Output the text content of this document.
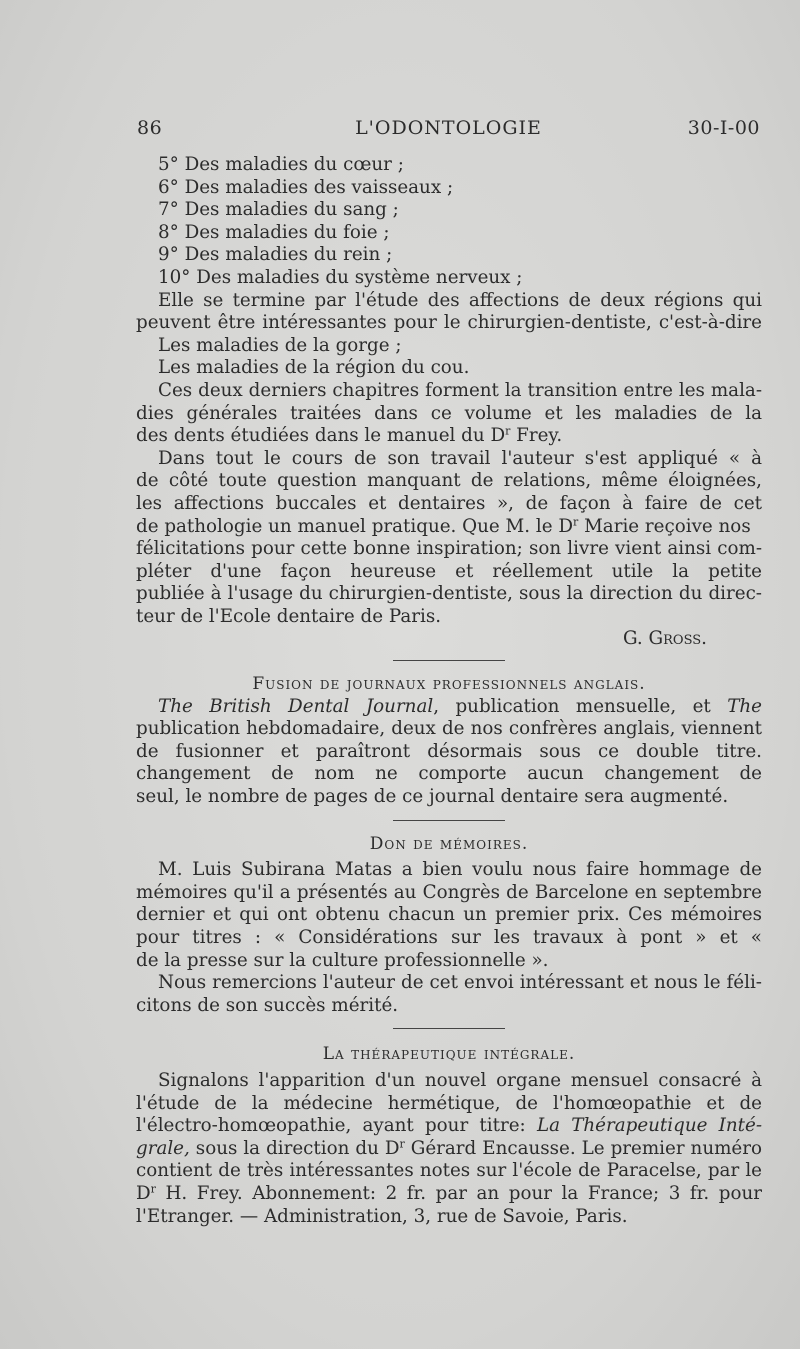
86	L'ODONTOLOGIE	30-I-00
5° Des maladies du cœur ;
6° Des maladies des vaisseaux ;
7° Des maladies du sang ;
8° Des maladies du foie ;
9° Des maladies du rein ;
10° Des maladies du système nerveux ;
Elle se termine par l'étude des affections de deux régions qui
peuvent être intéressantes pour le chirurgien-dentiste, c'est-à-dire
Les maladies de la gorge ;
Les maladies de la région du cou.
Ces deux derniers chapitres forment la transition entre les mala-
dies générales traitées dans ce volume et les maladies de la
des dents étudiées dans le manuel du $D^r$ Frey.
Dans tout le cours de son travail l'auteur s'est appliqué « à
de côté toute question manquant de relations, même éloignées,
les affections buccales et dentaires », de façon à faire de cet
de pathologie un manuel pratique. Que M. le $D^r$ Marie reçoive nos
félicitations pour cette bonne inspiration; son livre vient ainsi com-
pléter d'une façon heureuse et réellement utile la petite
publiée à l'usage du chirurgien-dentiste, sous la direction du direc-
teur de l'Ecole dentaire de Paris.
G. Gross.
Fusion de journaux professionnels anglais.
The British Dental Journal, publication mensuelle, et The
publication hebdomadaire, deux de nos confrères anglais, viennent
de fusionner et paraîtront désormais sous ce double titre.
changement de nom ne comporte aucun changement de
seul, le nombre de pages de ce journal dentaire sera augmenté.
Don de mémoires.
M. Luis Subirana Matas a bien voulu nous faire hommage de
mémoires qu'il a présentés au Congrès de Barcelone en septembre
dernier et qui ont obtenu chacun un premier prix. Ces mémoires
pour titres : « Considérations sur les travaux à pont » et «
de la presse sur la culture professionnelle ».
Nous remercions l'auteur de cet envoi intéressant et nous le féli-
citons de son succès mérité.
La thérapeutique intégrale.
Signalons l'apparition d'un nouvel organe mensuel consacré à
l'étude de la médecine hermétique, de l'homœopathie et de
l'électro-homœopathie, ayant pour titre: La Thérapeutique Inté-
grale, sous la direction du $D^r$ Gérard Encausse. Le premier numéro
contient de très intéressantes notes sur l'école de Paracelse, par le
$D^r$ H. Frey. Abonnement: 2 fr. par an pour la France; 3 fr. pour
l'Etranger. — Administration, 3, rue de Savoie, Paris.
